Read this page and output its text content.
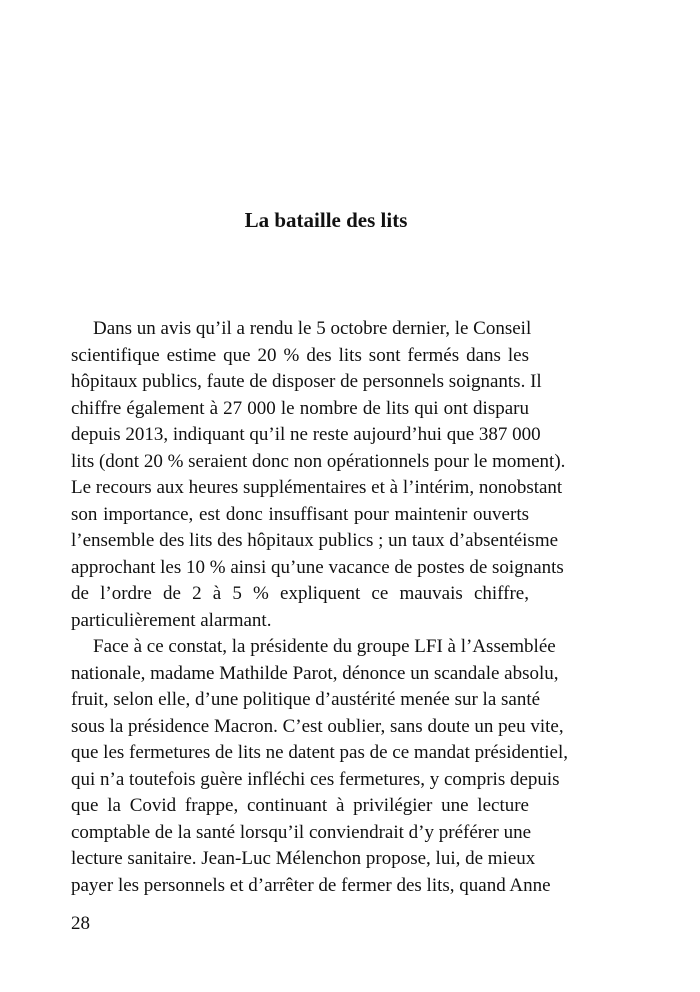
La bataille des lits
Dans un avis qu’il a rendu le 5 octobre dernier, le Conseil
scientifique estime que 20 % des lits sont fermés dans les
hôpitaux publics, faute de disposer de personnels soignants. Il
chiffre également à 27 000 le nombre de lits qui ont disparu
depuis 2013, indiquant qu’il ne reste aujourd’hui que 387 000
lits (dont 20 % seraient donc non opérationnels pour le moment).
Le recours aux heures supplémentaires et à l’intérim, nonobstant
son importance, est donc insuffisant pour maintenir ouverts
l’ensemble des lits des hôpitaux publics ; un taux d’absentéisme
approchant les 10 % ainsi qu’une vacance de postes de soignants
de l’ordre de 2 à 5 % expliquent ce mauvais chiffre,
particulièrement alarmant.
Face à ce constat, la présidente du groupe LFI à l’Assemblée
nationale, madame Mathilde Parot, dénonce un scandale absolu,
fruit, selon elle, d’une politique d’austérité menée sur la santé
sous la présidence Macron. C’est oublier, sans doute un peu vite,
que les fermetures de lits ne datent pas de ce mandat présidentiel,
qui n’a toutefois guère infléchi ces fermetures, y compris depuis
que la Covid frappe, continuant à privilégier une lecture
comptable de la santé lorsqu’il conviendrait d’y préférer une
lecture sanitaire. Jean-Luc Mélenchon propose, lui, de mieux
payer les personnels et d’arrêter de fermer des lits, quand Anne
28
